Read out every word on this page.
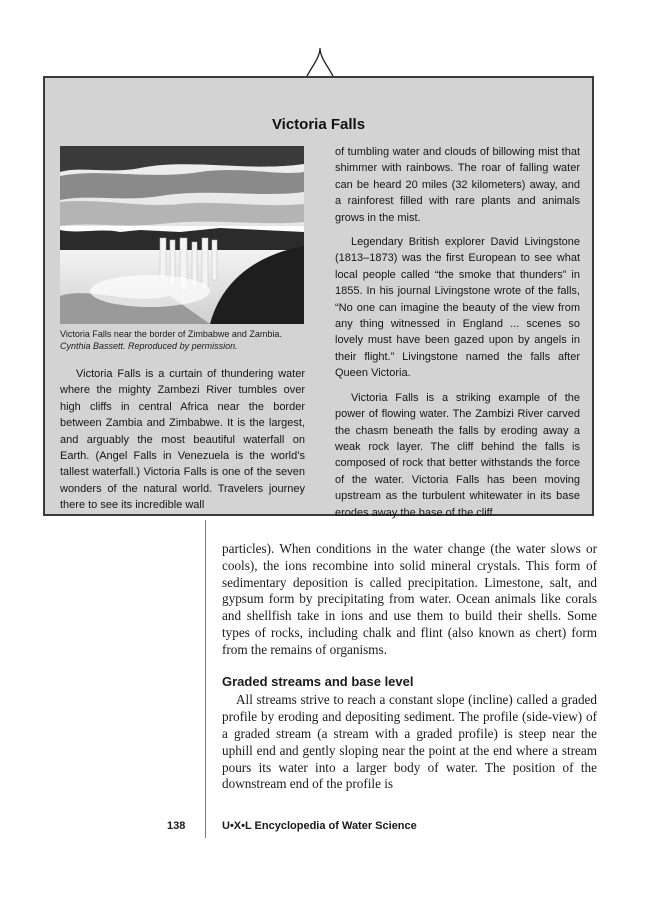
Victoria Falls
Victoria Falls near the border of Zimbabwe and Zambia.
Cynthia Bassett. Reproduced by permission.

Victoria Falls is a curtain of thundering water where the mighty Zambezi River tumbles over high cliffs in central Africa near the border between Zambia and Zimbabwe. It is the largest, and arguably the most beautiful waterfall on Earth. (Angel Falls in Venezuela is the world’s tallest waterfall.) Victoria Falls is one of the seven wonders of the natural world. Travelers journey there to see its incredible wall

of tumbling water and clouds of billowing mist that shimmer with rainbows. The roar of falling water can be heard 20 miles (32 kilometers) away, and a rainforest filled with rare plants and animals grows in the mist.

Legendary British explorer David Livingstone (1813–1873) was the first European to see what local people called “the smoke that thunders” in 1855. In his journal Livingstone wrote of the falls, “No one can imagine the beauty of the view from any thing witnessed in England ... scenes so lovely must have been gazed upon by angels in their flight.” Livingstone named the falls after Queen Victoria.

Victoria Falls is a striking example of the power of flowing water. The Zambizi River carved the chasm beneath the falls by eroding away a weak rock layer. The cliff behind the falls is composed of rock that better withstands the force of the water. Victoria Falls has been moving upstream as the turbulent whitewater in its base erodes away the base of the cliff.

particles). When conditions in the water change (the water slows or cools), the ions recombine into solid mineral crystals. This form of sedimentary deposition is called precipitation. Limestone, salt, and gypsum form by precipitating from water. Ocean animals like corals and shellfish take in ions and use them to build their shells. Some types of rocks, including chalk and flint (also known as chert) form from the remains of organisms.

Graded streams and base level

All streams strive to reach a constant slope (incline) called a graded profile by eroding and depositing sediment. The profile (side-view) of a graded stream (a stream with a graded profile) is steep near the uphill end and gently sloping near the point at the end where a stream pours its water into a larger body of water. The position of the downstream end of the profile is

138	U•X•L Encyclopedia of Water Science
